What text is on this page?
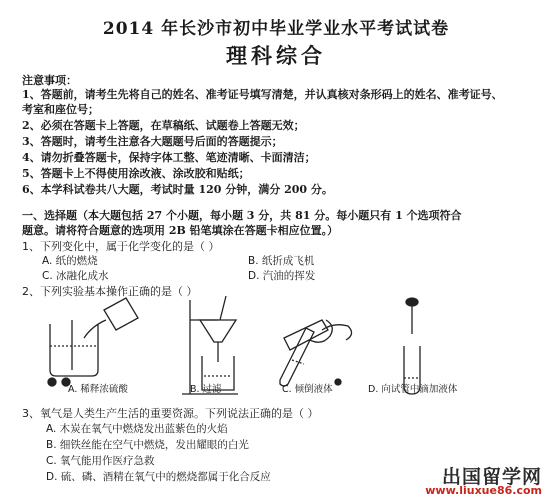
2014 年长沙市初中毕业学业水平考试试卷
理科综合
注意事项：
1、答题前，请考生先将自己的姓名、准考证号填写清楚，并认真核对条形码上的姓名、准考证号、
考室和座位号；
2、必须在答题卡上答题，在草稿纸、试题卷上答题无效；
3、答题时，请考生注意各大题题号后面的答题提示；
4、请勿折叠答题卡，保持字体工整、笔迹清晰、卡面清洁；
5、答题卡上不得使用涂改液、涂改胶和贴纸；
6、本学科试卷共八大题，考试时量 120 分钟，满分 200 分。
一、选择题（本大题包括 27 个小题，每小题 3 分，共 81 分。每小题只有 1 个选项符合
题意。请将符合题意的选项用 2B 铅笔填涂在答题卡相应位置。）
1、下列变化中，属于化学变化的是（ ）
A. 纸的燃烧	B. 纸折成飞机
C. 冰融化成水	D. 汽油的挥发
2、下列实验基本操作正确的是（ ）
A. 稀释浓硫酸	B. 过滤	C. 倾倒液体	D. 向试管中滴加液体
3、氧气是人类生产生活的重要资源。下列说法正确的是（ ）
A. 木炭在氧气中燃烧发出蓝紫色的火焰
B. 细铁丝能在空气中燃烧，发出耀眼的白光
C. 氧气能用作医疗急救
D. 硫、磷、酒精在氧气中的燃烧都属于化合反应	出国留学网
www.liuxue86.com
